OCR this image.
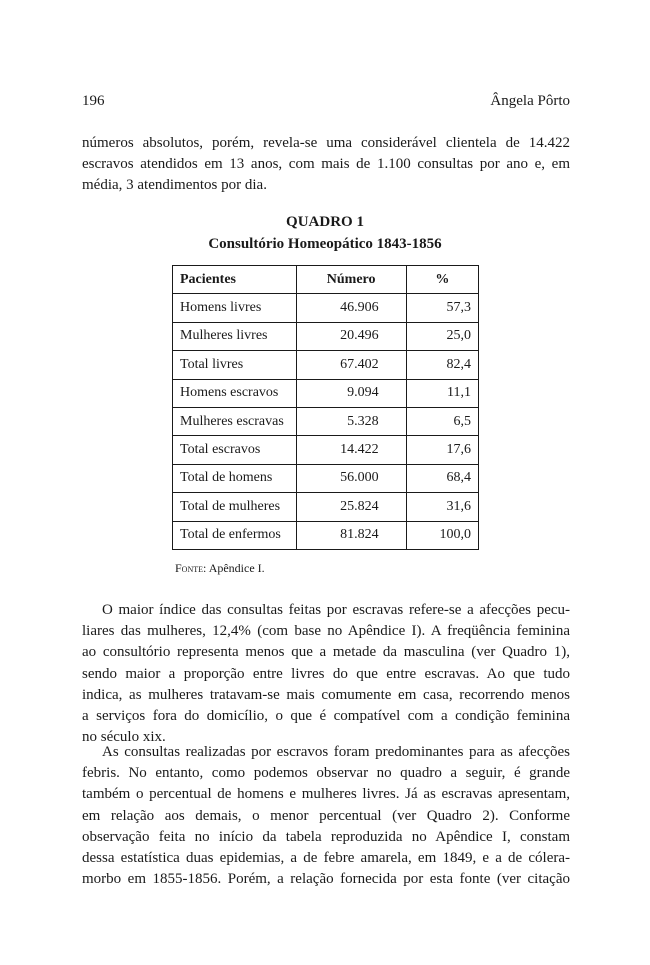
196	Ângela Pôrto
números absolutos, porém, revela-se uma considerável clientela de 14.422
escravos atendidos em 13 anos, com mais de 1.100 consultas por ano e, em
média, 3 atendimentos por dia.
QUADRO 1
Consultório Homeopático 1843-1856
Pacientes	Número	%
Homens livres	46.906	57,3
Mulheres livres	20.496	25,0
Total livres	67.402	82,4
Homens escravos	9.094	11,1
Mulheres escravas	5.328	6,5
Total escravos	14.422	17,6
Total de homens	56.000	68,4
Total de mulheres	25.824	31,6
Total de enfermos	81.824	100,0
Fonte: Apêndice I.
O maior índice das consultas feitas por escravas refere-se a afecções pecu-
liares das mulheres, 12,4% (com base no Apêndice I). A freqüência feminina
ao consultório representa menos que a metade da masculina (ver Quadro 1),
sendo maior a proporção entre livres do que entre escravas. Ao que tudo
indica, as mulheres tratavam-se mais comumente em casa, recorrendo menos
a serviços fora do domicílio, o que é compatível com a condição feminina
no século xix.
As consultas realizadas por escravos foram predominantes para as afecções
febris. No entanto, como podemos observar no quadro a seguir, é grande
também o percentual de homens e mulheres livres. Já as escravas apresentam,
em relação aos demais, o menor percentual (ver Quadro 2). Conforme
observação feita no início da tabela reproduzida no Apêndice I, constam
dessa estatística duas epidemias, a de febre amarela, em 1849, e a de cólera-
morbo em 1855-1856. Porém, a relação fornecida por esta fonte (ver citação
